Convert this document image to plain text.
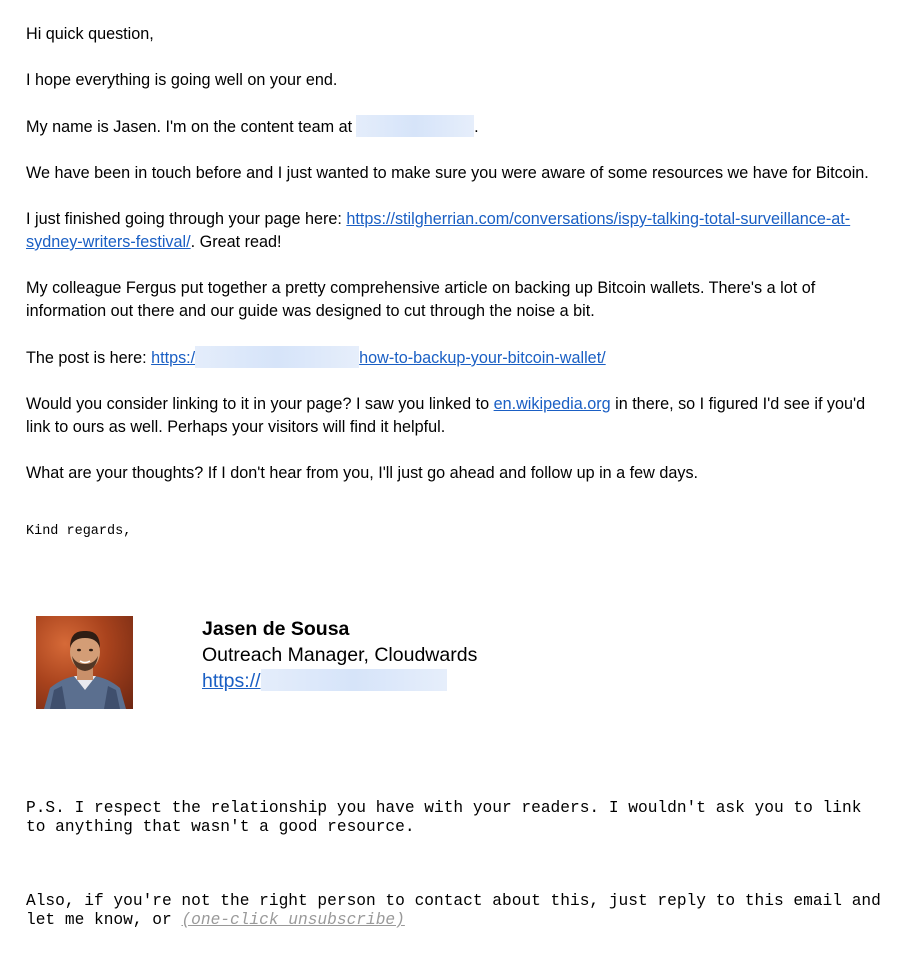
Hi quick question,

I hope everything is going well on your end.

My name is Jasen. I'm on the content team at	.

We have been in touch before and I just wanted to make sure you were aware of some resources we have for Bitcoin.

I just finished going through your page here: https://stilgherrian.com/conversations/ispy-talking-total-surveillance-at-sydney-writers-festival/. Great read!

My colleague Fergus put together a pretty comprehensive article on backing up Bitcoin wallets. There's a lot of information out there and our guide was designed to cut through the noise a bit.

The post is here: https:/	how-to-backup-your-bitcoin-wallet/

Would you consider linking to it in your page? I saw you linked to en.wikipedia.org in there, so I figured I'd see if you'd link to ours as well. Perhaps your visitors will find it helpful.

What are your thoughts? If I don't hear from you, I'll just go ahead and follow up in a few days.

Kind regards,
Jasen de Sousa
Outreach Manager, Cloudwards
https://

P.S. I respect the relationship you have with your readers. I wouldn't ask you to link to anything that wasn't a good resource.

Also, if you're not the right person to contact about this, just reply to this email and let me know, or (one-click unsubscribe)
